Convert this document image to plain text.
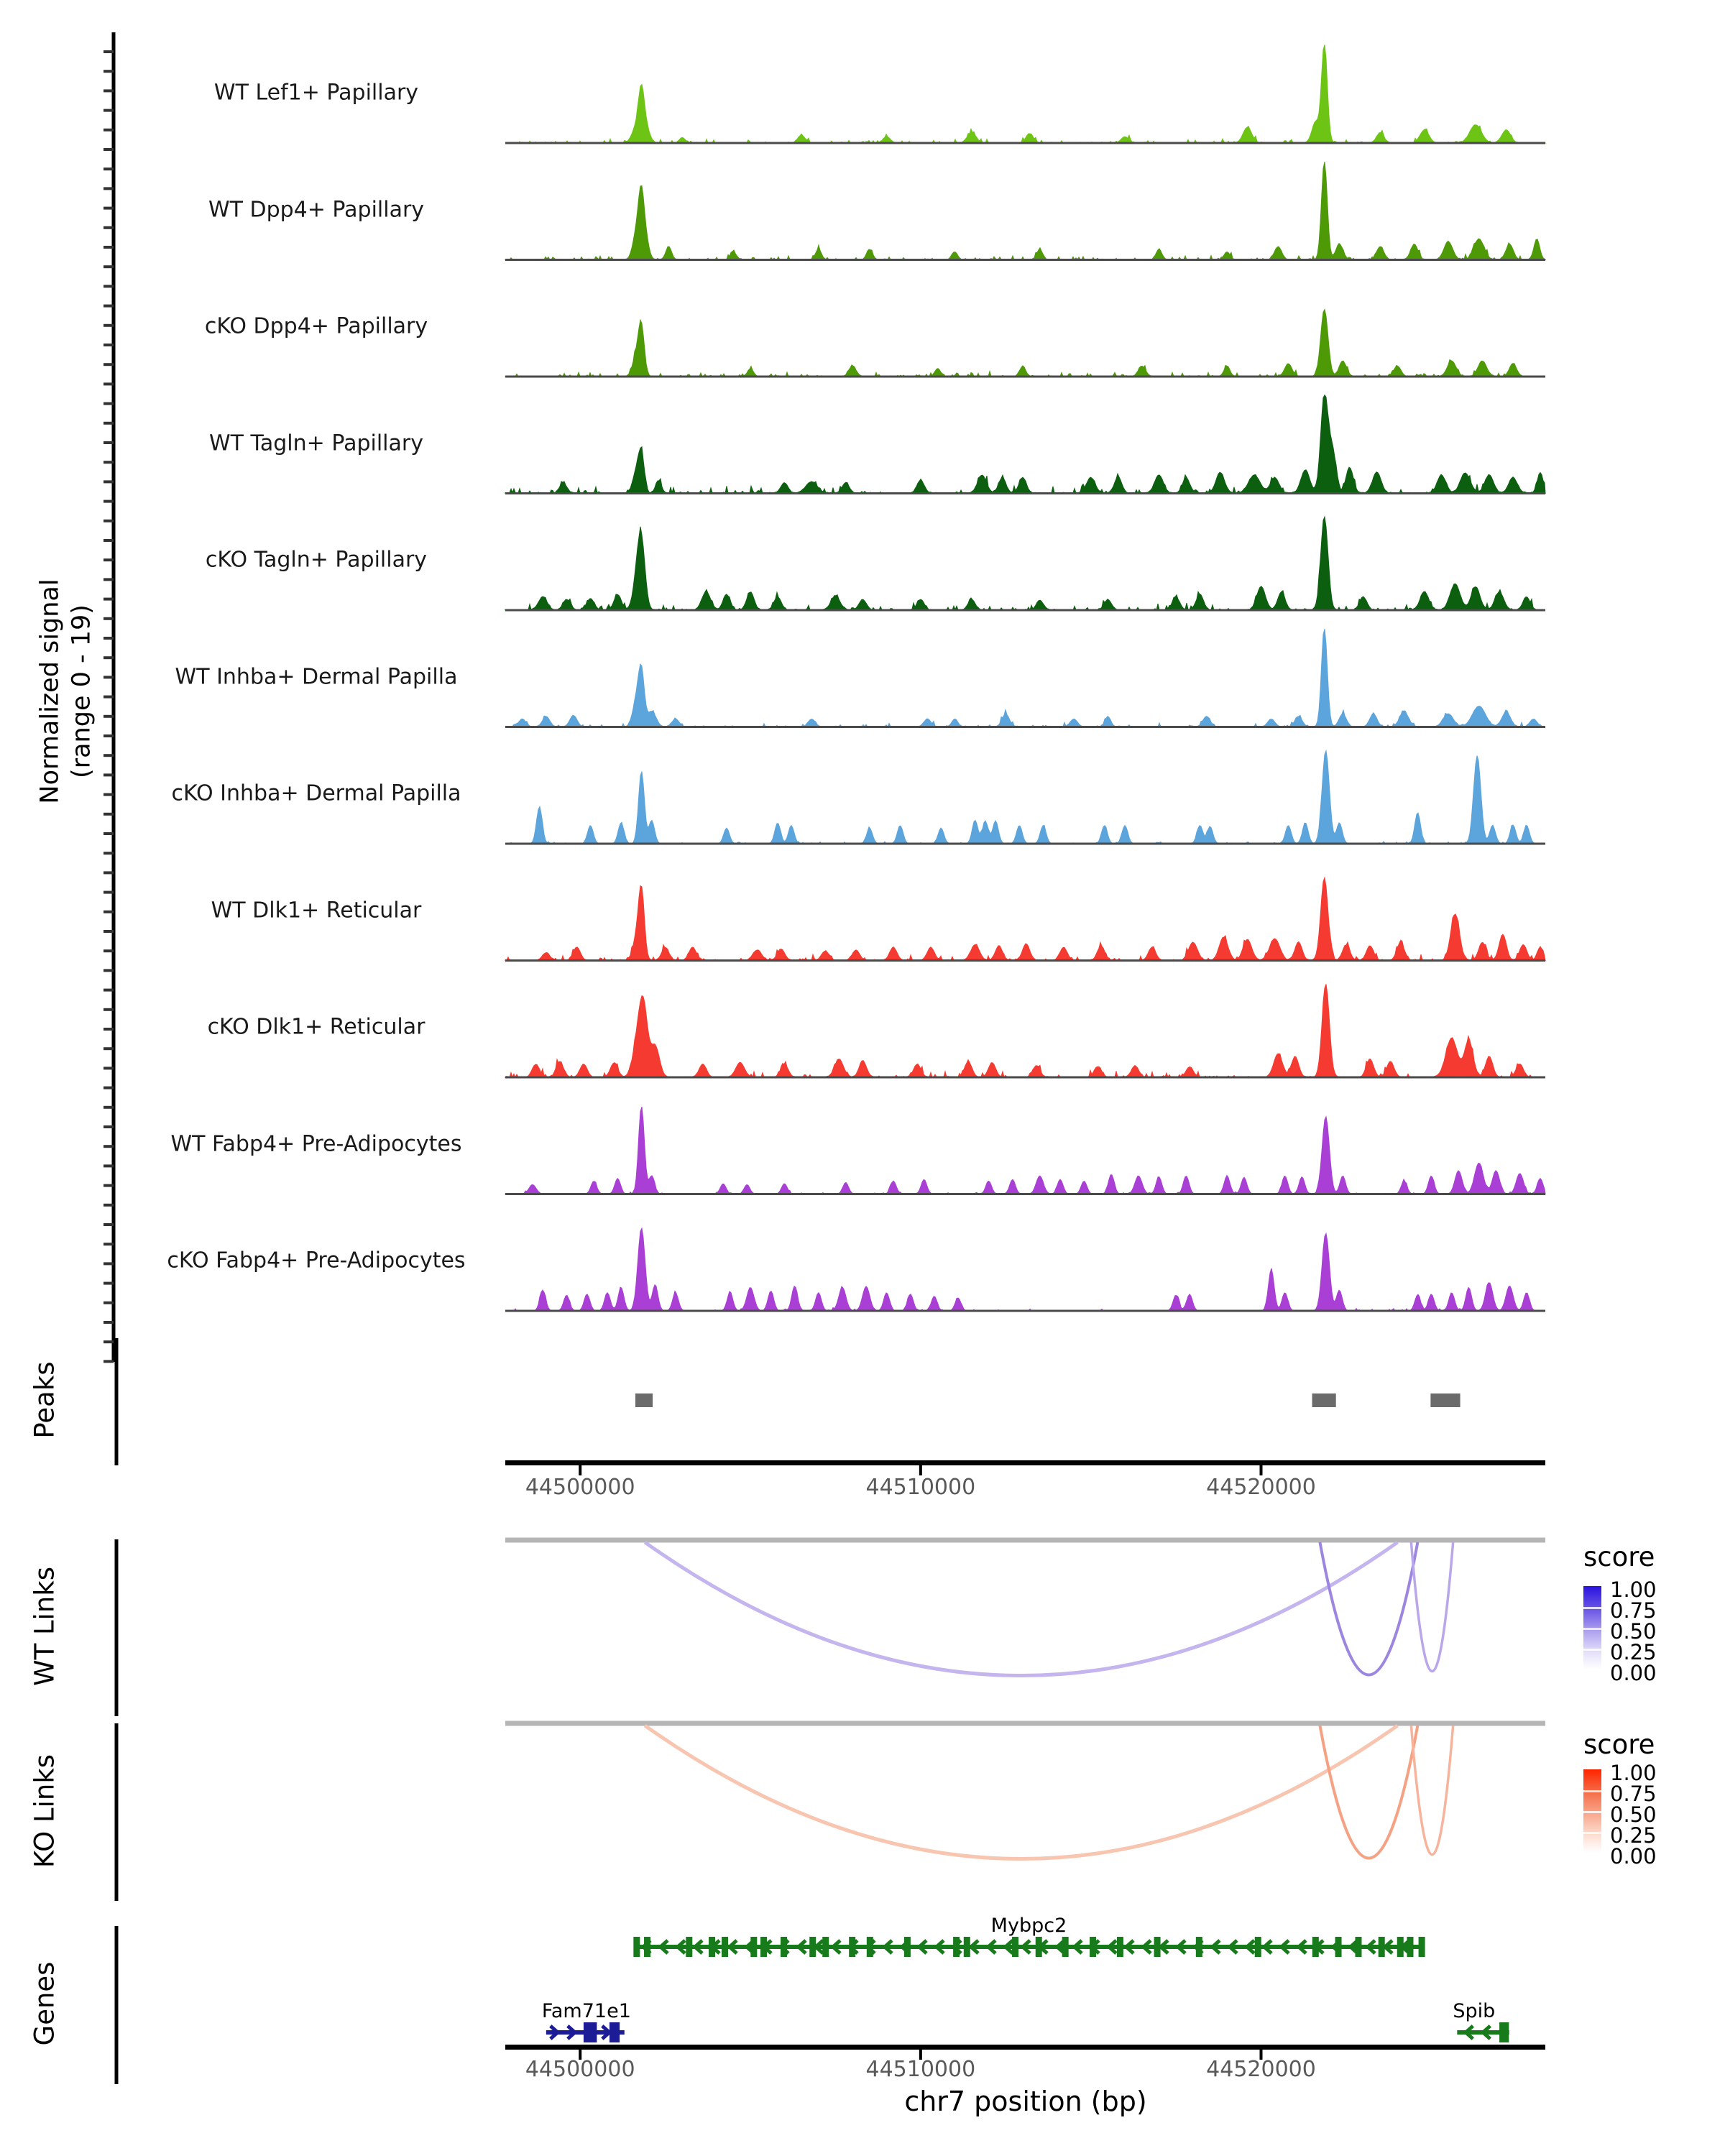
Normalized signal (range 0 - 19)
Peaks
WT Links
KO Links
Genes
score
score
chr7 position (bp)
WT Lef1+ Papillary
WT Dpp4+ Papillary
cKO Dpp4+ Papillary
WT Tagln+ Papillary
cKO Tagln+ Papillary
WT Inhba+ Dermal Papilla
cKO Inhba+ Dermal Papilla
WT Dlk1+ Reticular
cKO Dlk1+ Reticular
WT Fabp4+ Pre-Adipocytes
cKO Fabp4+ Pre-Adipocytes
44500000	44510000	44520000
44500000	44510000	44520000
1.00
0.75
0.50
0.25
0.00
1.00
0.75
0.50
0.25
0.00
Mybpc2
Fam71e1	Spib
